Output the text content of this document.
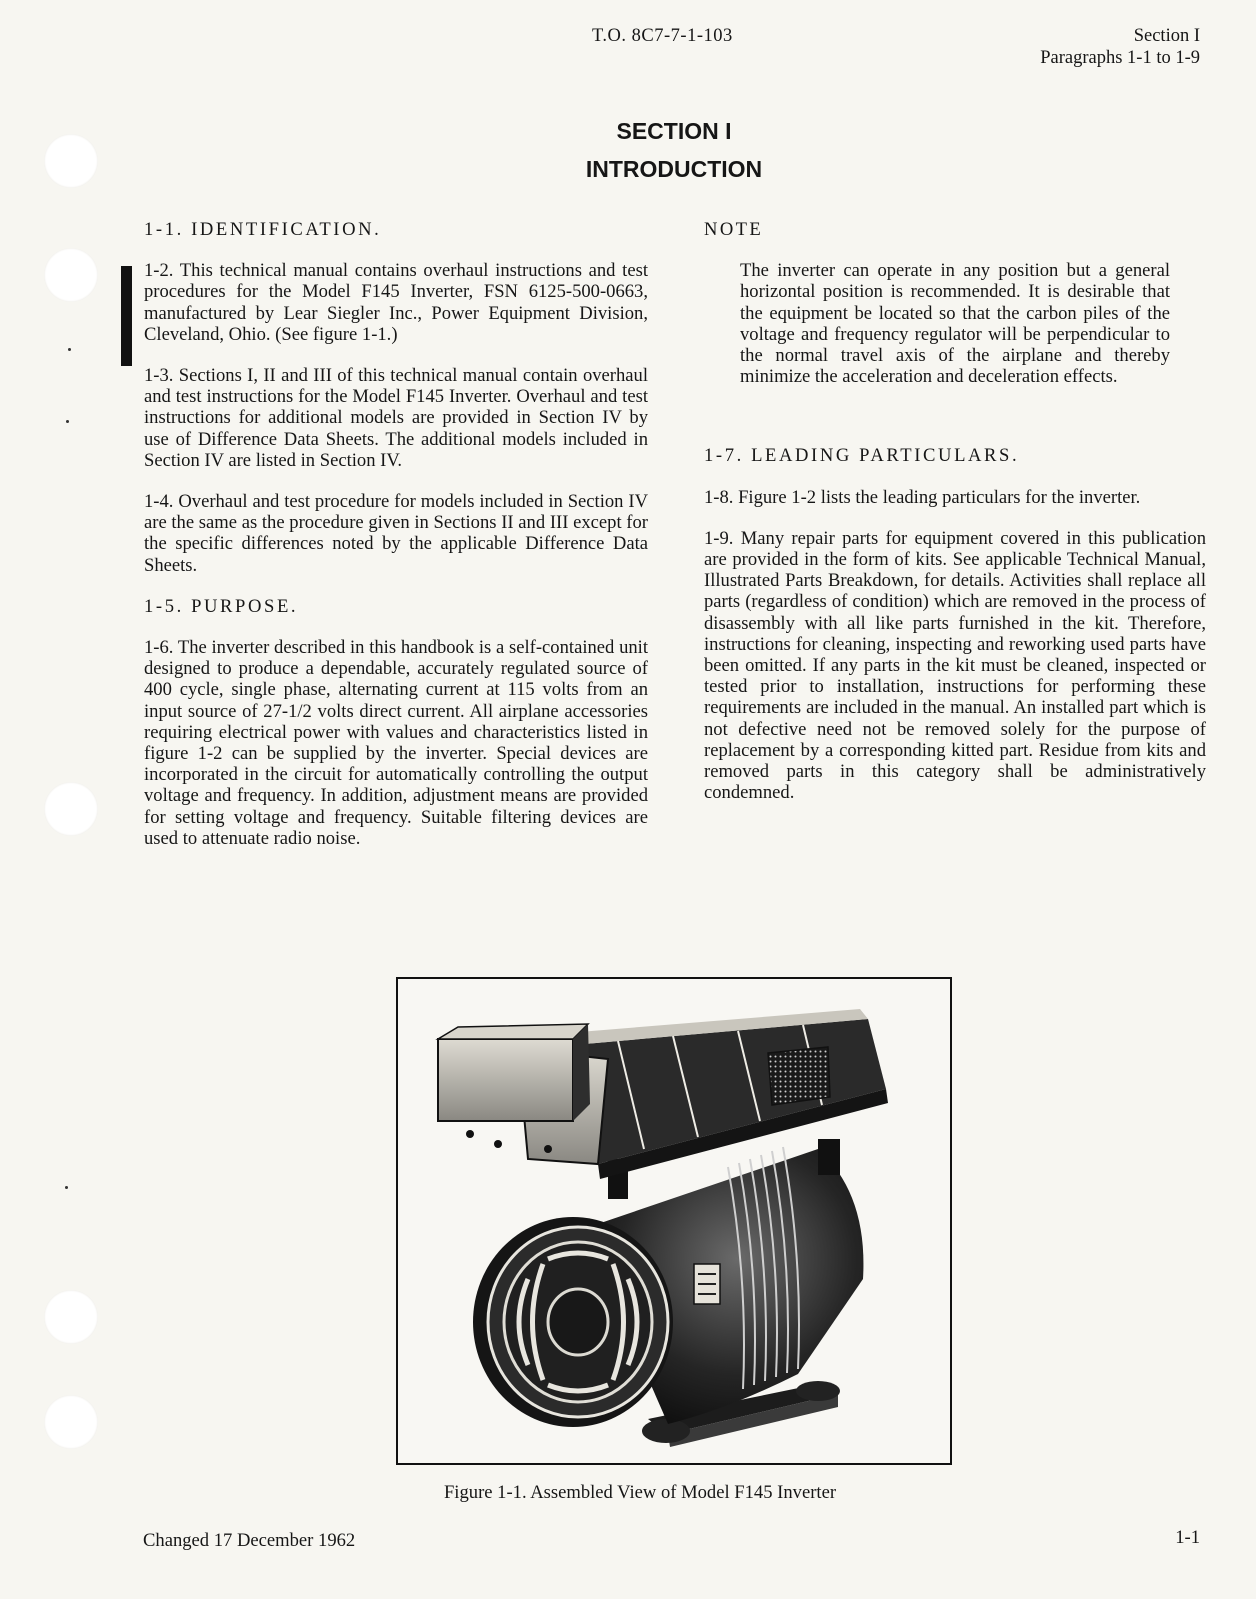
T.O. 8C7-7-1-103	Section I
Paragraphs 1-1 to 1-9
SECTION I
INTRODUCTION

1-1. IDENTIFICATION.

1-2. This technical manual contains overhaul instructions and test procedures for the Model F145 Inverter, FSN 6125-500-0663, manufactured by Lear Siegler Inc., Power Equipment Division, Cleveland, Ohio. (See figure 1-1.)

1-3. Sections I, II and III of this technical manual contain overhaul and test instructions for the Model F145 Inverter. Overhaul and test instructions for additional models are provided in Section IV by use of Difference Data Sheets. The additional models included in Section IV are listed in Section IV.

1-4. Overhaul and test procedure for models included in Section IV are the same as the procedure given in Sections II and III except for the specific differences noted by the applicable Difference Data Sheets.

1-5. PURPOSE.

1-6. The inverter described in this handbook is a self-contained unit designed to produce a dependable, accurately regulated source of 400 cycle, single phase, alternating current at 115 volts from an input source of 27-1/2 volts direct current. All airplane accessories requiring electrical power with values and characteristics listed in figure 1-2 can be supplied by the inverter. Special devices are incorporated in the circuit for automatically controlling the output voltage and frequency. In addition, adjustment means are provided for setting voltage and frequency. Suitable filtering devices are used to attenuate radio noise.

NOTE

The inverter can operate in any position but a general horizontal position is recommended. It is desirable that the equipment be located so that the carbon piles of the voltage and frequency regulator will be perpendicular to the normal travel axis of the airplane and thereby minimize the acceleration and deceleration effects.

1-7. LEADING PARTICULARS.

1-8. Figure 1-2 lists the leading particulars for the inverter.

1-9. Many repair parts for equipment covered in this publication are provided in the form of kits. See applicable Technical Manual, Illustrated Parts Breakdown, for details. Activities shall replace all parts (regardless of condition) which are removed in the process of disassembly with all like parts furnished in the kit. Therefore, instructions for cleaning, inspecting and reworking used parts have been omitted. If any parts in the kit must be cleaned, inspected or tested prior to installation, instructions for performing these requirements are included in the manual. An installed part which is not defective need not be removed solely for the purpose of replacement by a corresponding kitted part. Residue from kits and removed parts in this category shall be administratively condemned.

Figure 1-1. Assembled View of Model F145 Inverter
Changed 17 December 1962	1-1
